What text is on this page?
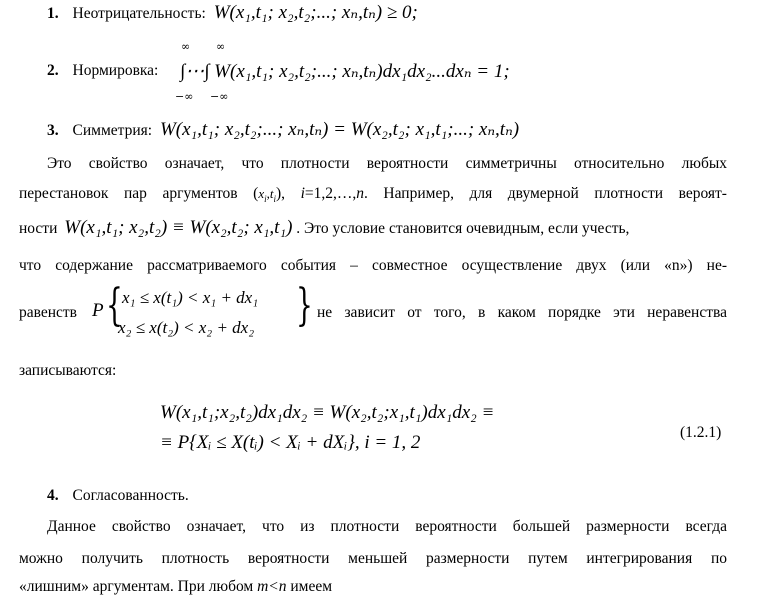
1. Неотрицательность: W(x₁,t₁; x₂,t₂;...; xₙ,tₙ) ≥ 0;
2. Нормировка:
∞ ∞
−∞ −∞
∫⋯∫ W(x₁,t₁; x₂,t₂;...; xₙ,tₙ)dx₁dx₂...dxₙ = 1;
3. Симметрия: W(x₁,t₁; x₂,t₂;...; xₙ,tₙ) = W(x₂,t₂; x₁,t₁;...; xₙ,tₙ)
Это свойство означает, что плотности вероятности симметричны относительно любых
перестановок пар аргументов $(x_i,t_i)$, i=1,2,…,n. Например, для двумерной плотности вероят-
ности W(x₁,t₁; x₂,t₂) ≡ W(x₂,t₂; x₁,t₁) . Это условие становится очевидным, если учесть,
что содержание рассматриваемого события – совместное осуществление двух (или «n») не-
равенств P { x₁ ≤ x(t₁) < x₁ + dx₁
x₂ ≤ x(t₂) < x₂ + dx₂ } не зависит от того, в каком порядке эти неравенства
записываются:
W(x₁,t₁;x₂,t₂)dx₁dx₂ ≡ W(x₂,t₂;x₁,t₁)dx₁dx₂ ≡
≡ P{Xᵢ ≤ X(tᵢ) < Xᵢ + dXᵢ}, i = 1, 2	(1.2.1)
4. Согласованность.
Данное свойство означает, что из плотности вероятности большей размерности всегда
можно получить плотность вероятности меньшей размерности путем интегрирования по
«лишним» аргументам. При любом m<n имеем
